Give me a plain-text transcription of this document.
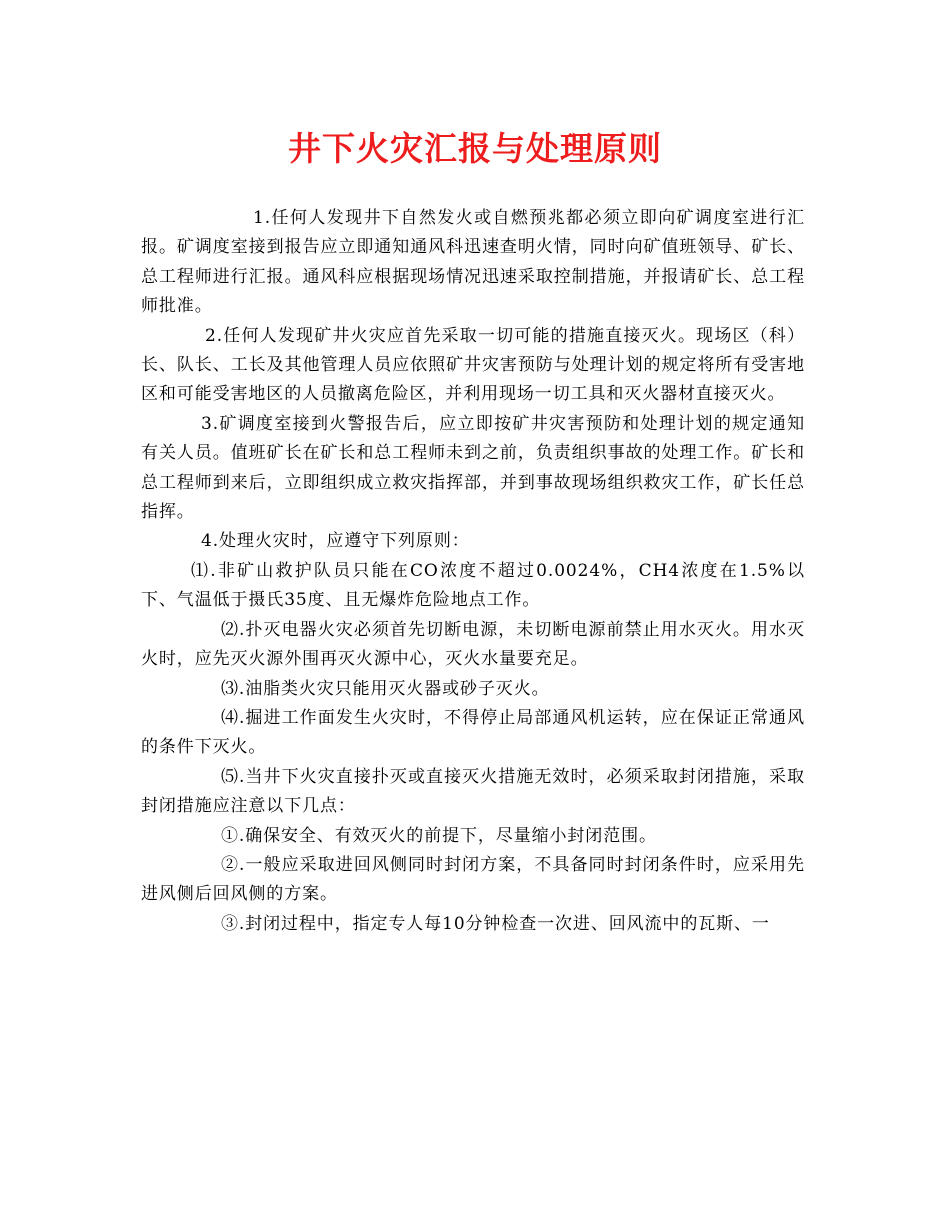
井下火灾汇报与处理原则

1.任何人发现井下自然发火或自燃预兆都必须立即向矿调度室进行汇报。矿调度室接到报告应立即通知通风科迅速查明火情，同时向矿值班领导、矿长、总工程师进行汇报。通风科应根据现场情况迅速采取控制措施，并报请矿长、总工程师批准。

2.任何人发现矿井火灾应首先采取一切可能的措施直接灭火。现场区（科）长、队长、工长及其他管理人员应依照矿井灾害预防与处理计划的规定将所有受害地区和可能受害地区的人员撤离危险区，并利用现场一切工具和灭火器材直接灭火。

3.矿调度室接到火警报告后，应立即按矿井灾害预防和处理计划的规定通知有关人员。值班矿长在矿长和总工程师未到之前，负责组织事故的处理工作。矿长和总工程师到来后，立即组织成立救灾指挥部，并到事故现场组织救灾工作，矿长任总指挥。

4.处理火灾时，应遵守下列原则：

⑴.非矿山救护队员只能在CO浓度不超过0.0024%，CH4浓度在1.5%以下、气温低于摄氏35度、且无爆炸危险地点工作。

⑵.扑灭电器火灾必须首先切断电源，未切断电源前禁止用水灭火。用水灭火时，应先灭火源外围再灭火源中心，灭火水量要充足。

⑶.油脂类火灾只能用灭火器或砂子灭火。

⑷.掘进工作面发生火灾时，不得停止局部通风机运转，应在保证正常通风的条件下灭火。

⑸.当井下火灾直接扑灭或直接灭火措施无效时，必须采取封闭措施，采取封闭措施应注意以下几点：

①.确保安全、有效灭火的前提下，尽量缩小封闭范围。

②.一般应采取进回风侧同时封闭方案，不具备同时封闭条件时，应采用先进风侧后回风侧的方案。

③.封闭过程中，指定专人每10分钟检查一次进、回风流中的瓦斯、一
